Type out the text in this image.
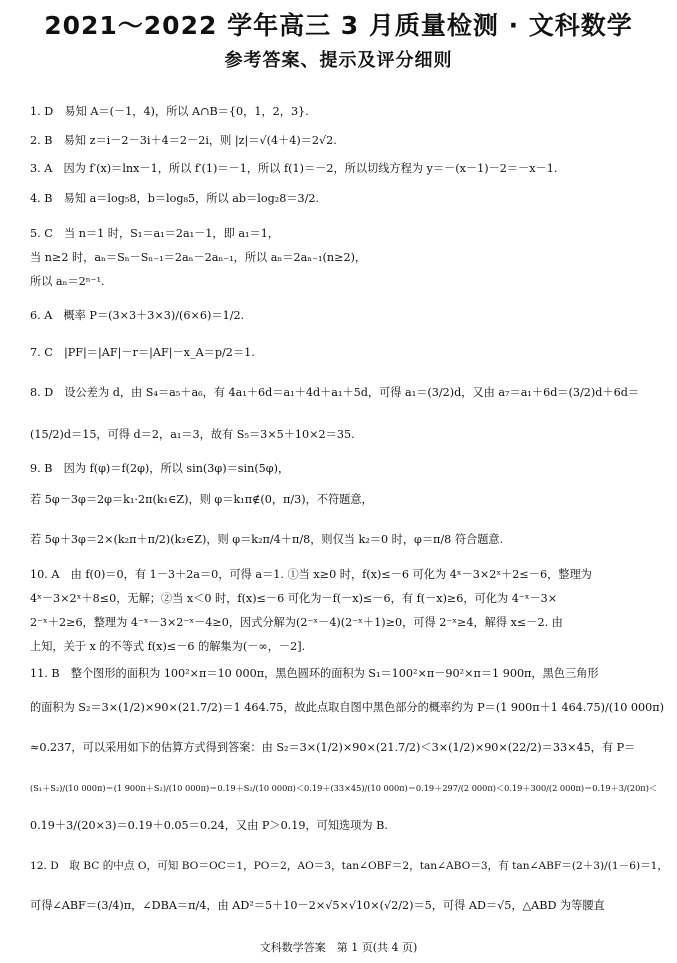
2021～2022 学年高三 3 月质量检测 · 文科数学
参考答案、提示及评分细则
1. D　易知 A＝(－1，4)，所以 A∩B＝{0，1，2，3}.
2. B　易知 z＝i－2－3i＋4＝2－2i，则 |z|＝√(4＋4)＝2√2.
3. A　因为 f′(x)＝lnx－1，所以 f′(1)＝－1，所以 f(1)＝－2，所以切线方程为 y＝－(x－1)－2＝－x－1.
4. B　易知 a＝log₅8，b＝log₈5，所以 ab＝log₂8＝3/2.
5. C　当 n＝1 时，S₁＝a₁＝2a₁－1，即 a₁＝1，
当 n≥2 时，aₙ＝Sₙ－Sₙ₋₁＝2aₙ－2aₙ₋₁，所以 aₙ＝2aₙ₋₁(n≥2)，
所以 aₙ＝2ⁿ⁻¹.
6. A　概率 P＝(3×3＋3×3)/(6×6)＝1/2.
7. C　|PF|＝|AF|－r＝|AF|－x_A＝p/2＝1.
8. D　设公差为 d，由 S₄＝a₅＋a₆，有 4a₁＋6d＝a₁＋4d＋a₁＋5d，可得 a₁＝(3/2)d，又由 a₇＝a₁＋6d＝(3/2)d＋6d＝
(15/2)d＝15，可得 d＝2，a₁＝3，故有 S₅＝3×5＋10×2＝35.
9. B　因为 f(φ)＝f(2φ)，所以 sin(3φ)＝sin(5φ)，
若 5φ－3φ＝2φ＝k₁·2π(k₁∈Z)，则 φ＝k₁π∉(0，π/3)，不符题意，
若 5φ＋3φ＝2×(k₂π＋π/2)(k₂∈Z)，则 φ＝k₂π/4＋π/8，则仅当 k₂＝0 时，φ＝π/8 符合题意.
10. A　由 f(0)＝0，有 1－3＋2a＝0，可得 a＝1. ①当 x≥0 时，f(x)≤－6 可化为 4ˣ－3×2ˣ＋2≤－6，整理为
4ˣ－3×2ˣ＋8≤0，无解；②当 x＜0 时，f(x)≤－6 可化为－f(－x)≤－6，有 f(－x)≥6，可化为 4⁻ˣ－3×
2⁻ˣ＋2≥6，整理为 4⁻ˣ－3×2⁻ˣ－4≥0，因式分解为(2⁻ˣ－4)(2⁻ˣ＋1)≥0，可得 2⁻ˣ≥4，解得 x≤－2. 由
上知，关于 x 的不等式 f(x)≤－6 的解集为(－∞，－2].
11. B　整个图形的面积为 100²×π＝10 000π，黑色圆环的面积为 S₁＝100²×π－90²×π＝1 900π，黑色三角形
的面积为 S₂＝3×(1/2)×90×(21.7/2)＝1 464.75，故此点取自图中黑色部分的概率约为 P＝(1 900π＋1 464.75)/(10 000π)
≈0.237，可以采用如下的估算方式得到答案：由 S₂＝3×(1/2)×90×(21.7/2)＜3×(1/2)×90×(22/2)＝33×45，有 P＝
(S₁＋S₂)/(10 000π)＝(1 900π＋S₂)/(10 000π)＝0.19＋S₂/(10 000π)＜0.19＋(33×45)/(10 000π)＝0.19＋297/(2 000π)＜0.19＋300/(2 000π)＝0.19＋3/(20π)＜
0.19＋3/(20×3)＝0.19＋0.05＝0.24，又由 P＞0.19，可知选项为 B.
12. D　取 BC 的中点 O，可知 BO＝OC＝1，PO＝2，AO＝3，tan∠OBF＝2，tan∠ABO＝3，有 tan∠ABF＝(2＋3)/(1－6)＝1，
可得∠ABF＝(3/4)π，∠DBA＝π/4，由 AD²＝5＋10－2×√5×√10×(√2/2)＝5，可得 AD＝√5，△ABD 为等腰直
文科数学答案　第 1 页(共 4 页)
